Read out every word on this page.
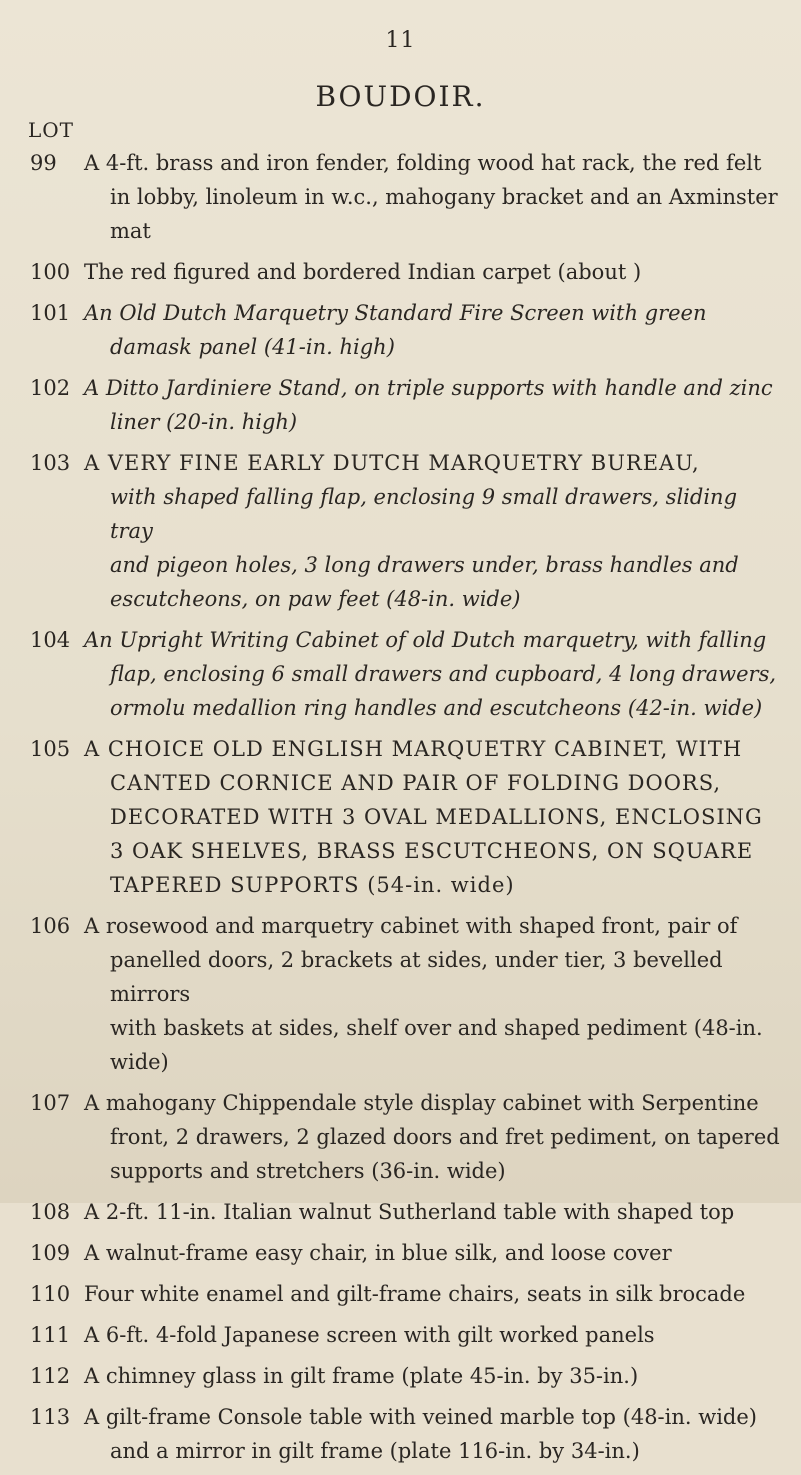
11
BOUDOIR.
LOT
99	A 4-ft. brass and iron fender, folding wood hat rack, the red felt
in lobby, linoleum in w.c., mahogany bracket and an Axminster
mat
100 The red figured and bordered Indian carpet (about )
101 An Old Dutch Marquetry Standard Fire Screen with green
damask panel (41-in. high)
102 A Ditto Jardiniere Stand, on triple supports with handle and zinc
liner (20-in. high)
103 A VERY FINE EARLY DUTCH MARQUETRY BUREAU,
with shaped falling flap, enclosing 9 small drawers, sliding tray
and pigeon holes, 3 long drawers under, brass handles and
escutcheons, on paw feet (48-in. wide)
104 An Upright Writing Cabinet of old Dutch marquetry, with falling
flap, enclosing 6 small drawers and cupboard, 4 long drawers,
ormolu medallion ring handles and escutcheons (42-in. wide)
105 A CHOICE OLD ENGLISH MARQUETRY CABINET, WITH
CANTED CORNICE AND PAIR OF FOLDING DOORS,
DECORATED WITH 3 OVAL MEDALLIONS, ENCLOSING
3 OAK SHELVES, BRASS ESCUTCHEONS, ON SQUARE
TAPERED SUPPORTS (54-in. wide)
106 A rosewood and marquetry cabinet with shaped front, pair of
panelled doors, 2 brackets at sides, under tier, 3 bevelled mirrors
with baskets at sides, shelf over and shaped pediment (48-in.
wide)
107 A mahogany Chippendale style display cabinet with Serpentine
front, 2 drawers, 2 glazed doors and fret pediment, on tapered
supports and stretchers (36-in. wide)
108 A 2-ft. 11-in. Italian walnut Sutherland table with shaped top
109 A walnut-frame easy chair, in blue silk, and loose cover
110 Four white enamel and gilt-frame chairs, seats in silk brocade
111 A 6-ft. 4-fold Japanese screen with gilt worked panels
112 A chimney glass in gilt frame (plate 45-in. by 35-in.)
113 A gilt-frame Console table with veined marble top (48-in. wide)
and a mirror in gilt frame (plate 116-in. by 34-in.)
